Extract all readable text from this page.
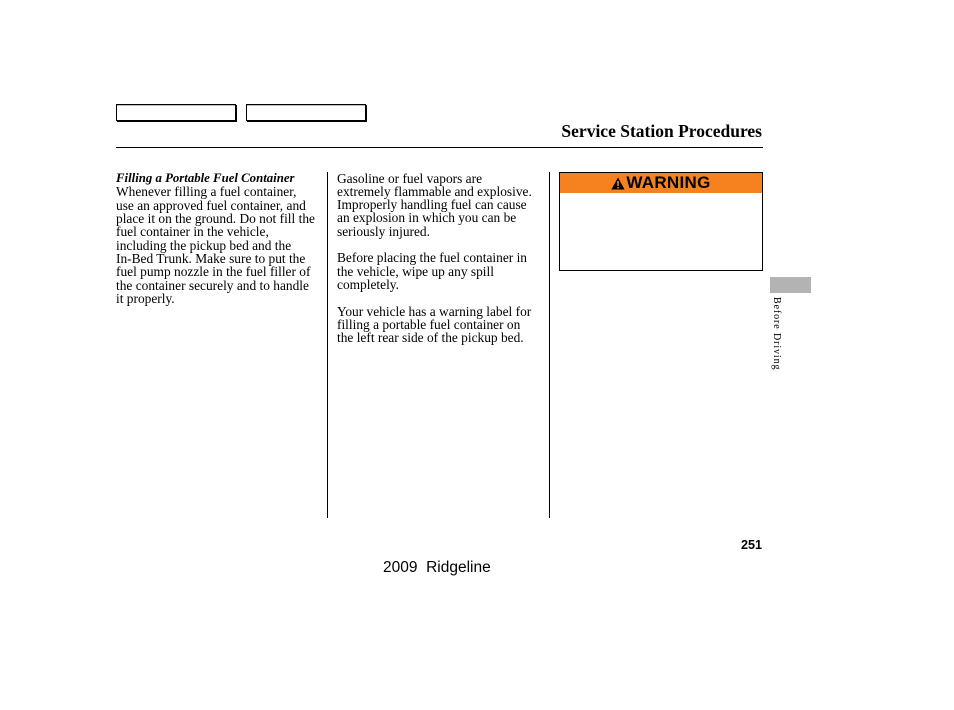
Service Station Procedures
Filling a Portable Fuel Container
Whenever filling a fuel container,
use an approved fuel container, and
place it on the ground. Do not fill the
fuel container in the vehicle,
including the pickup bed and the
In-Bed Trunk. Make sure to put the
fuel pump nozzle in the fuel filler of
the container securely and to handle
it properly.
Gasoline or fuel vapors are
extremely flammable and explosive.
Improperly handling fuel can cause
an explosion in which you can be
seriously injured.
Before placing the fuel container in
the vehicle, wipe up any spill
completely.
Your vehicle has a warning label for
filling a portable fuel container on
the left rear side of the pickup bed.
WARNING
Before Driving
251
2009  Ridgeline
